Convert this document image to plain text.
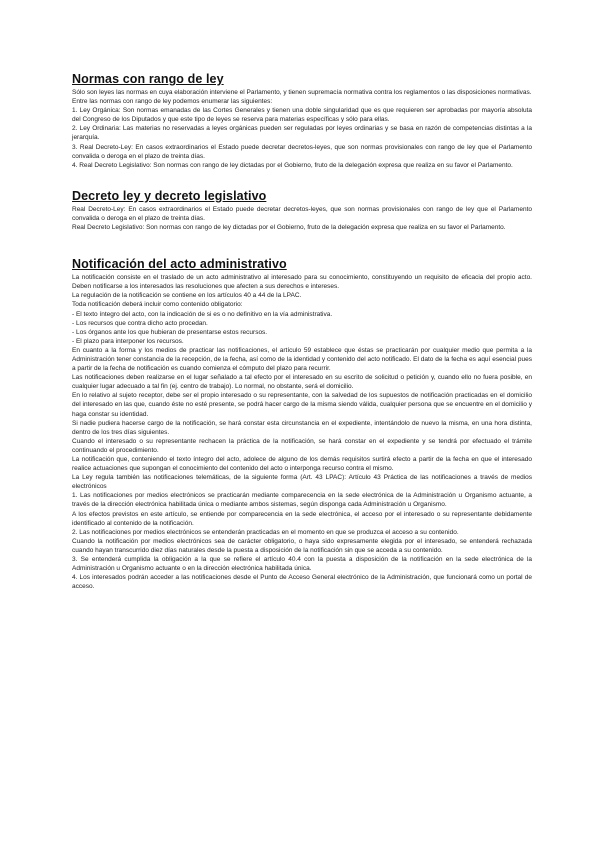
Normas con rango de ley

Sólo son leyes las normas en cuya elaboración interviene el Parlamento, y tienen supremacía normativa contra los reglamentos o las disposiciones normativas.

Entre las normas con rango de ley podemos enumerar las siguientes:

1. Ley Orgánica: Son normas emanadas de las Cortes Generales y tienen una doble singularidad que es que requieren ser aprobadas por mayoría absoluta del Congreso de los Diputados y que este tipo de leyes se reserva para materias específicas y sólo para ellas.

2. Ley Ordinaria: Las materias no reservadas a leyes orgánicas pueden ser reguladas por leyes ordinarias y se basa en razón de competencias distintas a la jerarquía.

3. Real Decreto-Ley: En casos extraordinarios el Estado puede decretar decretos-leyes, que son normas provisionales con rango de ley que el Parlamento convalida o deroga en el plazo de treinta días.

4. Real Decreto Legislativo: Son normas con rango de ley dictadas por el Gobierno, fruto de la delegación expresa que realiza en su favor el Parlamento.

Decreto ley y decreto legislativo

Real Decreto-Ley: En casos extraordinarios el Estado puede decretar decretos-leyes, que son normas provisionales con rango de ley que el Parlamento convalida o deroga en el plazo de treinta días.

Real Decreto Legislativo: Son normas con rango de ley dictadas por el Gobierno, fruto de la delegación expresa que realiza en su favor el Parlamento.

Notificación del acto administrativo

La notificación consiste en el traslado de un acto administrativo al interesado para su conocimiento, constituyendo un requisito de eficacia del propio acto. Deben notificarse a los interesados las resoluciones que afecten a sus derechos e intereses.

La regulación de la notificación se contiene en los artículos 40 a 44 de la LPAC.

Toda notificación deberá incluir como contenido obligatorio:

- El texto íntegro del acto, con la indicación de si es o no definitivo en la vía administrativa.

- Los recursos que contra dicho acto procedan.

- Los órganos ante los que hubieran de presentarse estos recursos.

- El plazo para interponer los recursos.

En cuanto a la forma y los medios de practicar las notificaciones, el artículo 59 establece que éstas se practicarán por cualquier medio que permita a la Administración tener constancia de la recepción, de la fecha, así como de la identidad y contenido del acto notificado. El dato de la fecha es aquí esencial pues a partir de la fecha de notificación es cuando comienza el cómputo del plazo para recurrir.

Las notificaciones deben realizarse en el lugar señalado a tal efecto por el interesado en su escrito de solicitud o petición y, cuando ello no fuera posible, en cualquier lugar adecuado a tal fin (ej. centro de trabajo). Lo normal, no obstante, será el domicilio.

En lo relativo al sujeto receptor, debe ser el propio interesado o su representante, con la salvedad de los supuestos de notificación practicadas en el domicilio del interesado en las que, cuando éste no esté presente, se podrá hacer cargo de la misma siendo válida, cualquier persona que se encuentre en el domicilio y haga constar su identidad.

Si nadie pudiera hacerse cargo de la notificación, se hará constar esta circunstancia en el expediente, intentándolo de nuevo la misma, en una hora distinta, dentro de los tres días siguientes.

Cuando el interesado o su representante rechacen la práctica de la notificación, se hará constar en el expediente y se tendrá por efectuado el trámite continuando el procedimiento.

La notificación que, conteniendo el texto íntegro del acto, adolece de alguno de los demás requisitos surtirá efecto a partir de la fecha en que el interesado realice actuaciones que supongan el conocimiento del contenido del acto o interponga recurso contra el mismo.

La Ley regula también las notificaciones telemáticas, de la siguiente forma (Art. 43 LPAC): Artículo 43 Práctica de las notificaciones a través de medios electrónicos

1. Las notificaciones por medios electrónicos se practicarán mediante comparecencia en la sede electrónica de la Administración u Organismo actuante, a través de la dirección electrónica habilitada única o mediante ambos sistemas, según disponga cada Administración u Organismo.

A los efectos previstos en este artículo, se entiende por comparecencia en la sede electrónica, el acceso por el interesado o su representante debidamente identificado al contenido de la notificación.

2. Las notificaciones por medios electrónicos se entenderán practicadas en el momento en que se produzca el acceso a su contenido.

Cuando la notificación por medios electrónicos sea de carácter obligatorio, o haya sido expresamente elegida por el interesado, se entenderá rechazada cuando hayan transcurrido diez días naturales desde la puesta a disposición de la notificación sin que se acceda a su contenido.

3. Se entenderá cumplida la obligación a la que se refiere el artículo 40.4 con la puesta a disposición de la notificación en la sede electrónica de la Administración u Organismo actuante o en la dirección electrónica habilitada única.

4. Los interesados podrán acceder a las notificaciones desde el Punto de Acceso General electrónico de la Administración, que funcionará como un portal de acceso.
